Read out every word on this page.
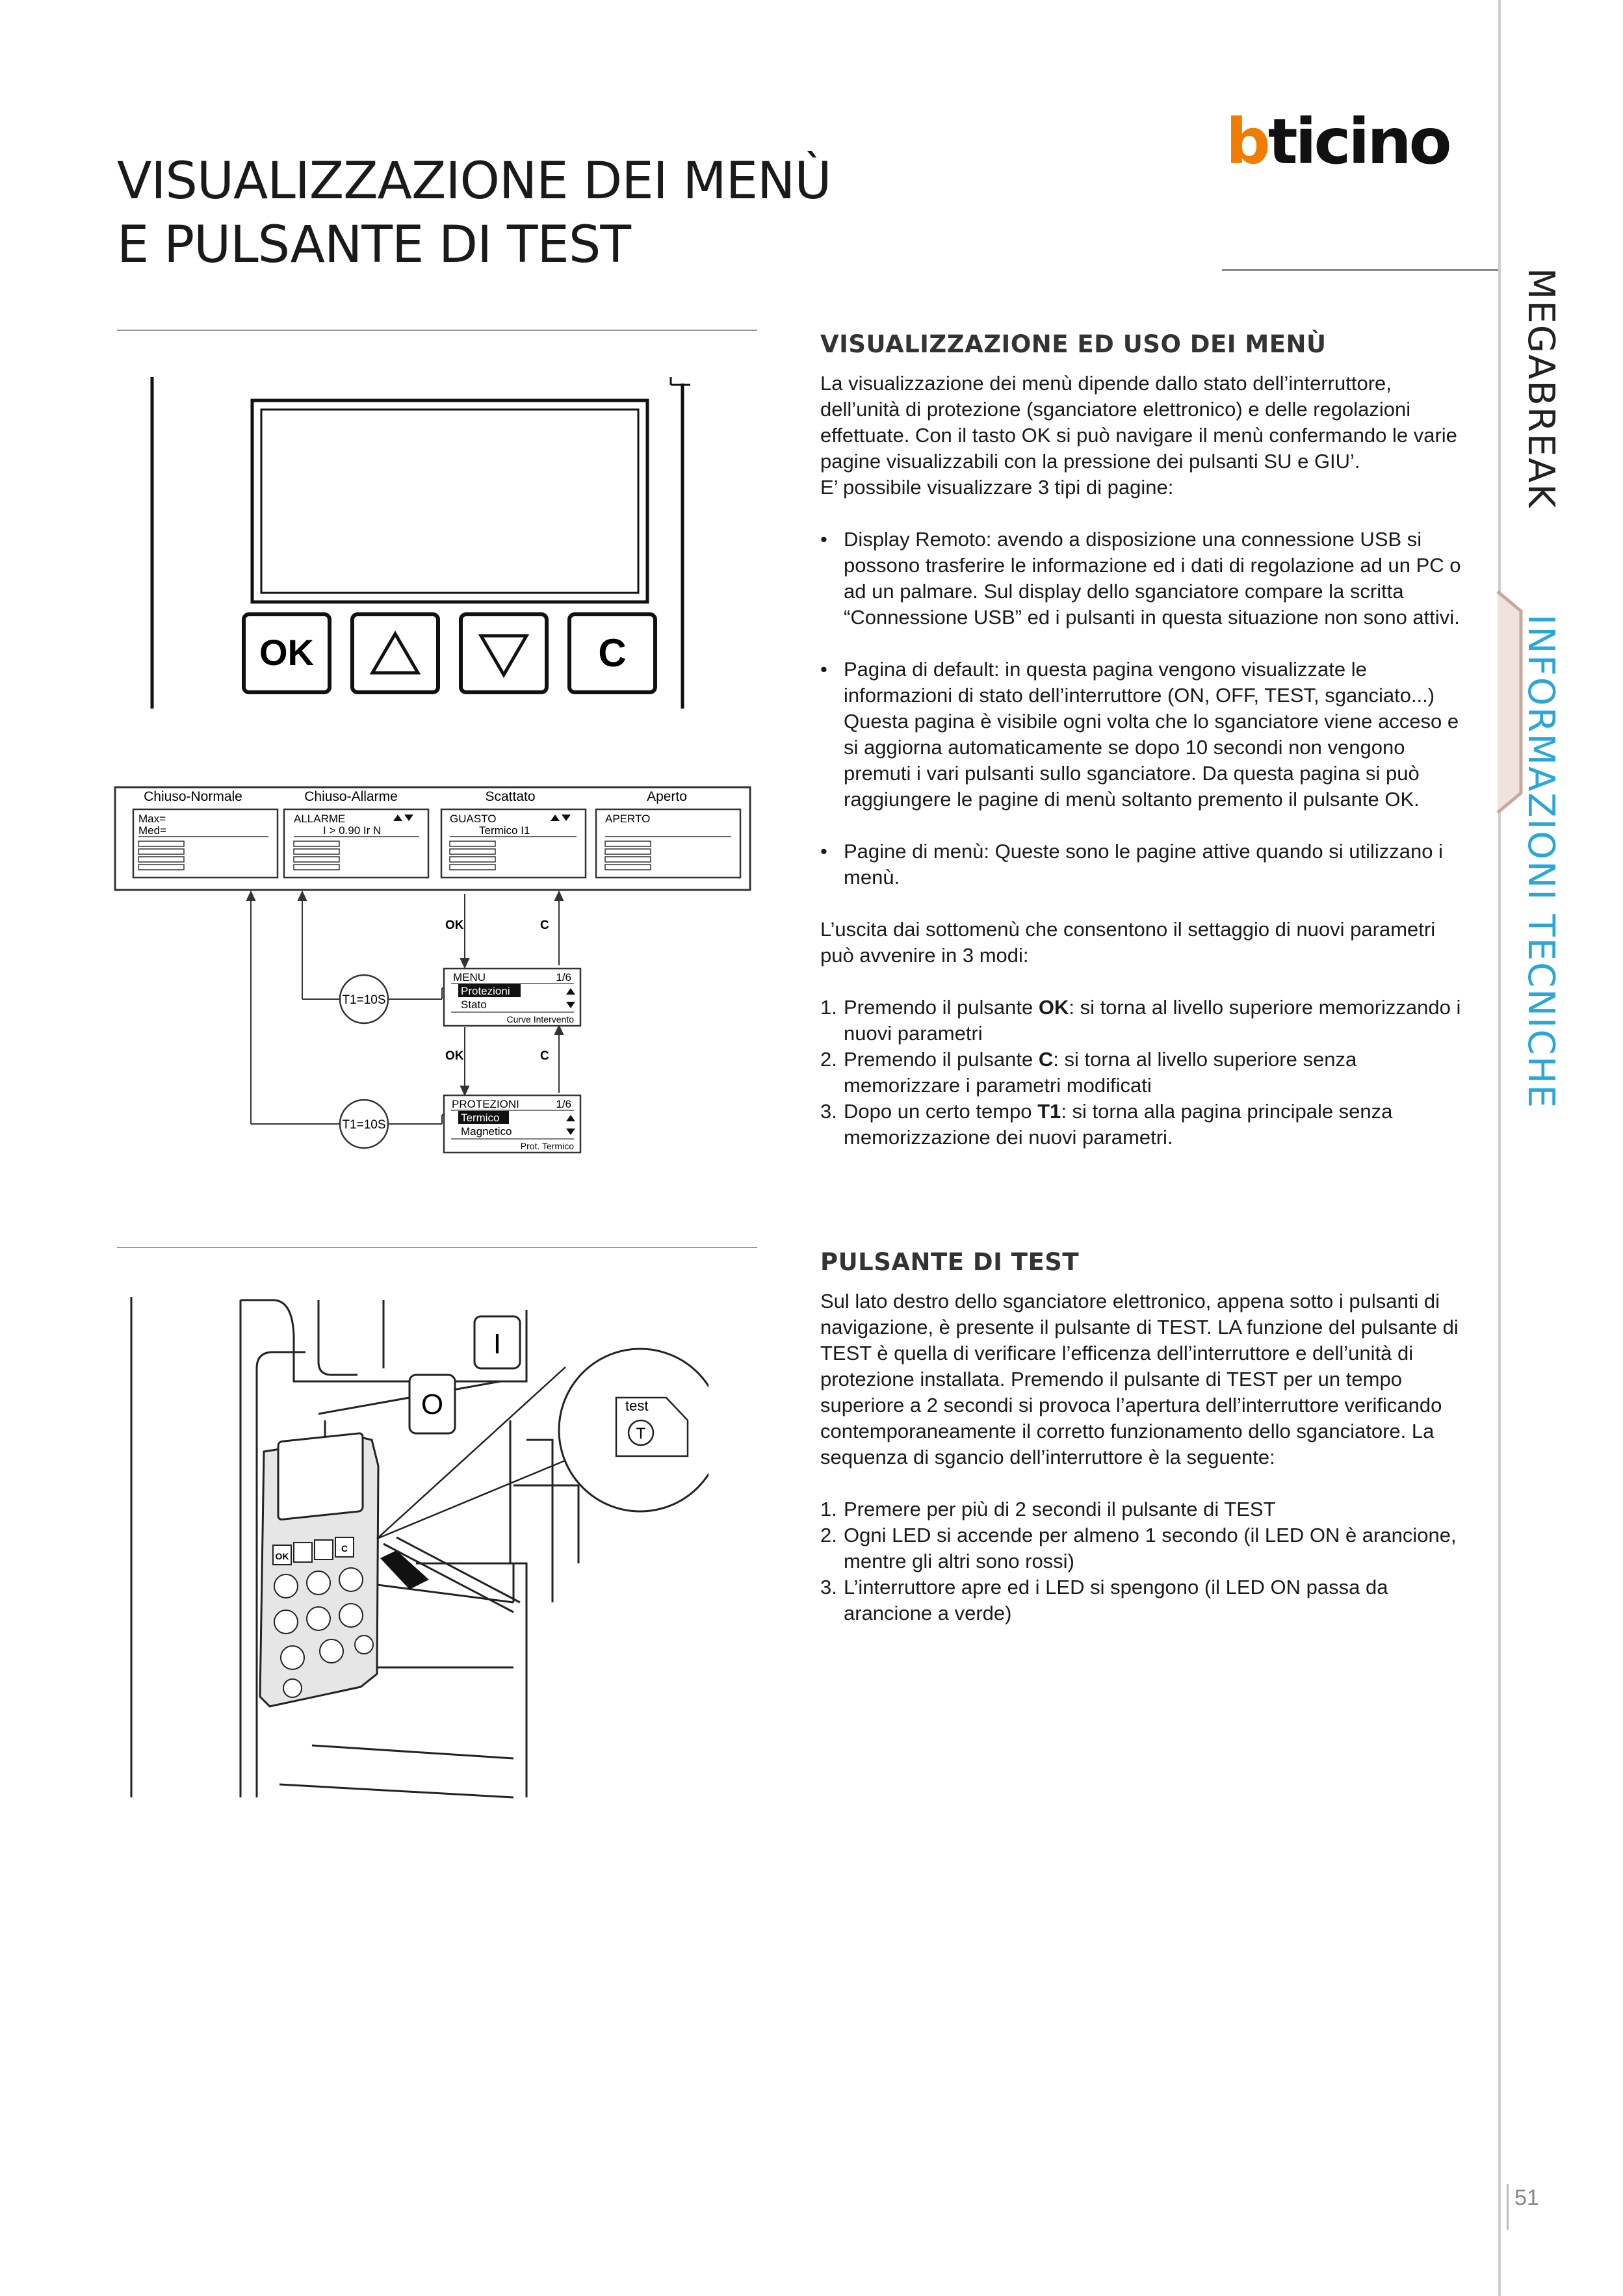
VISUALIZZAZIONE DEI MENÙ
E PULSANTE DI TEST
bticino
MEGABREAK
INFORMAZIONI TECNICHE
OK	C
Chiuso-Normale	Chiuso-Allarme	Scattato	Aperto
Max=
Med=
ALLARME
I > 0.90 Ir N
GUASTO
Termico I1
APERTO
OK	C
OK	C
T1=10S
T1=10S
MENU	1/6
Protezioni
Stato
Curve Intervento
PROTEZIONI	1/6
Termico
Magnetico
Prot. Termico
OK
C
O
I
test
T
VISUALIZZAZIONE ED USO DEI MENÙ

La visualizzazione dei menù dipende dallo stato dell’interruttore, dell’unità di protezione (sganciatore elettronico) e delle regolazioni effettuate. Con il tasto OK si può navigare il menù confermando le varie pagine visualizzabili con la pressione dei pulsanti SU e GIU’.

E’ possibile visualizzare 3 tipi di pagine:

• Display Remoto: avendo a disposizione una connessione USB si possono trasferire le informazione ed i dati di regolazione ad un PC o ad un palmare. Sul display dello sganciatore compare la scritta “Connessione USB” ed i pulsanti in questa situazione non sono attivi.

• Pagina di default: in questa pagina vengono visualizzate le informazioni di stato dell’interruttore (ON, OFF, TEST, sganciato...)

Questa pagina è visibile ogni volta che lo sganciatore viene acceso e si aggiorna automaticamente se dopo 10 secondi non vengono premuti i vari pulsanti sullo sganciatore. Da questa pagina si può raggiungere le pagine di menù soltanto premento il pulsante OK.

• Pagine di menù: Queste sono le pagine attive quando si utilizzano i menù.

L’uscita dai sottomenù che consentono il settaggio di nuovi parametri può avvenire in 3 modi:

1. Premendo il pulsante OK: si torna al livello superiore memorizzando i nuovi parametri

2. Premendo il pulsante C: si torna al livello superiore senza memorizzare i parametri modificati

3. Dopo un certo tempo T1: si torna alla pagina principale senza memorizzazione dei nuovi parametri.

PULSANTE DI TEST

Sul lato destro dello sganciatore elettronico, appena sotto i pulsanti di navigazione, è presente il pulsante di TEST. LA funzione del pulsante di TEST è quella di verificare l’efficenza dell’interruttore e dell’unità di protezione installata. Premendo il pulsante di TEST per un tempo superiore a 2 secondi si provoca l’apertura dell’interruttore verificando contemporaneamente il corretto funzionamento dello sganciatore. La sequenza di sgancio dell’interruttore è la seguente:

1. Premere per più di 2 secondi il pulsante di TEST

2. Ogni LED si accende per almeno 1 secondo (il LED ON è arancione, mentre gli altri sono rossi)

3. L’interruttore apre ed i LED si spengono (il LED ON passa da arancione a verde)

51
